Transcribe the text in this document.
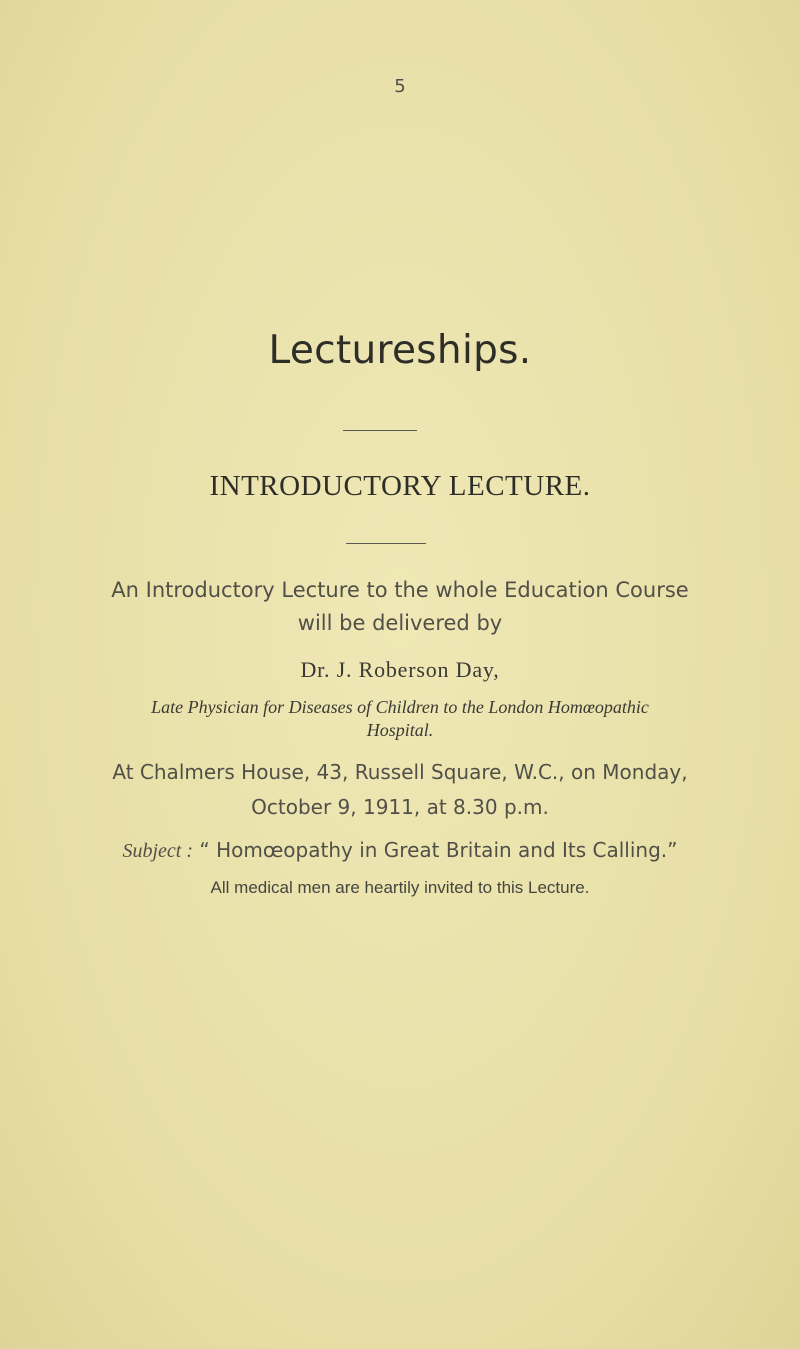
5
Lectureships.
INTRODUCTORY LECTURE.
An Introductory Lecture to the whole Education Course
will be delivered by
Dr. J. Roberson Day,
Late Physician for Diseases of Children to the London Homœopathic
Hospital.
At Chalmers House, 43, Russell Square, W.C., on Monday,
October 9, 1911, at 8.30 p.m.
Subject : “ Homœopathy in Great Britain and Its Calling.”
All medical men are heartily invited to this Lecture.
